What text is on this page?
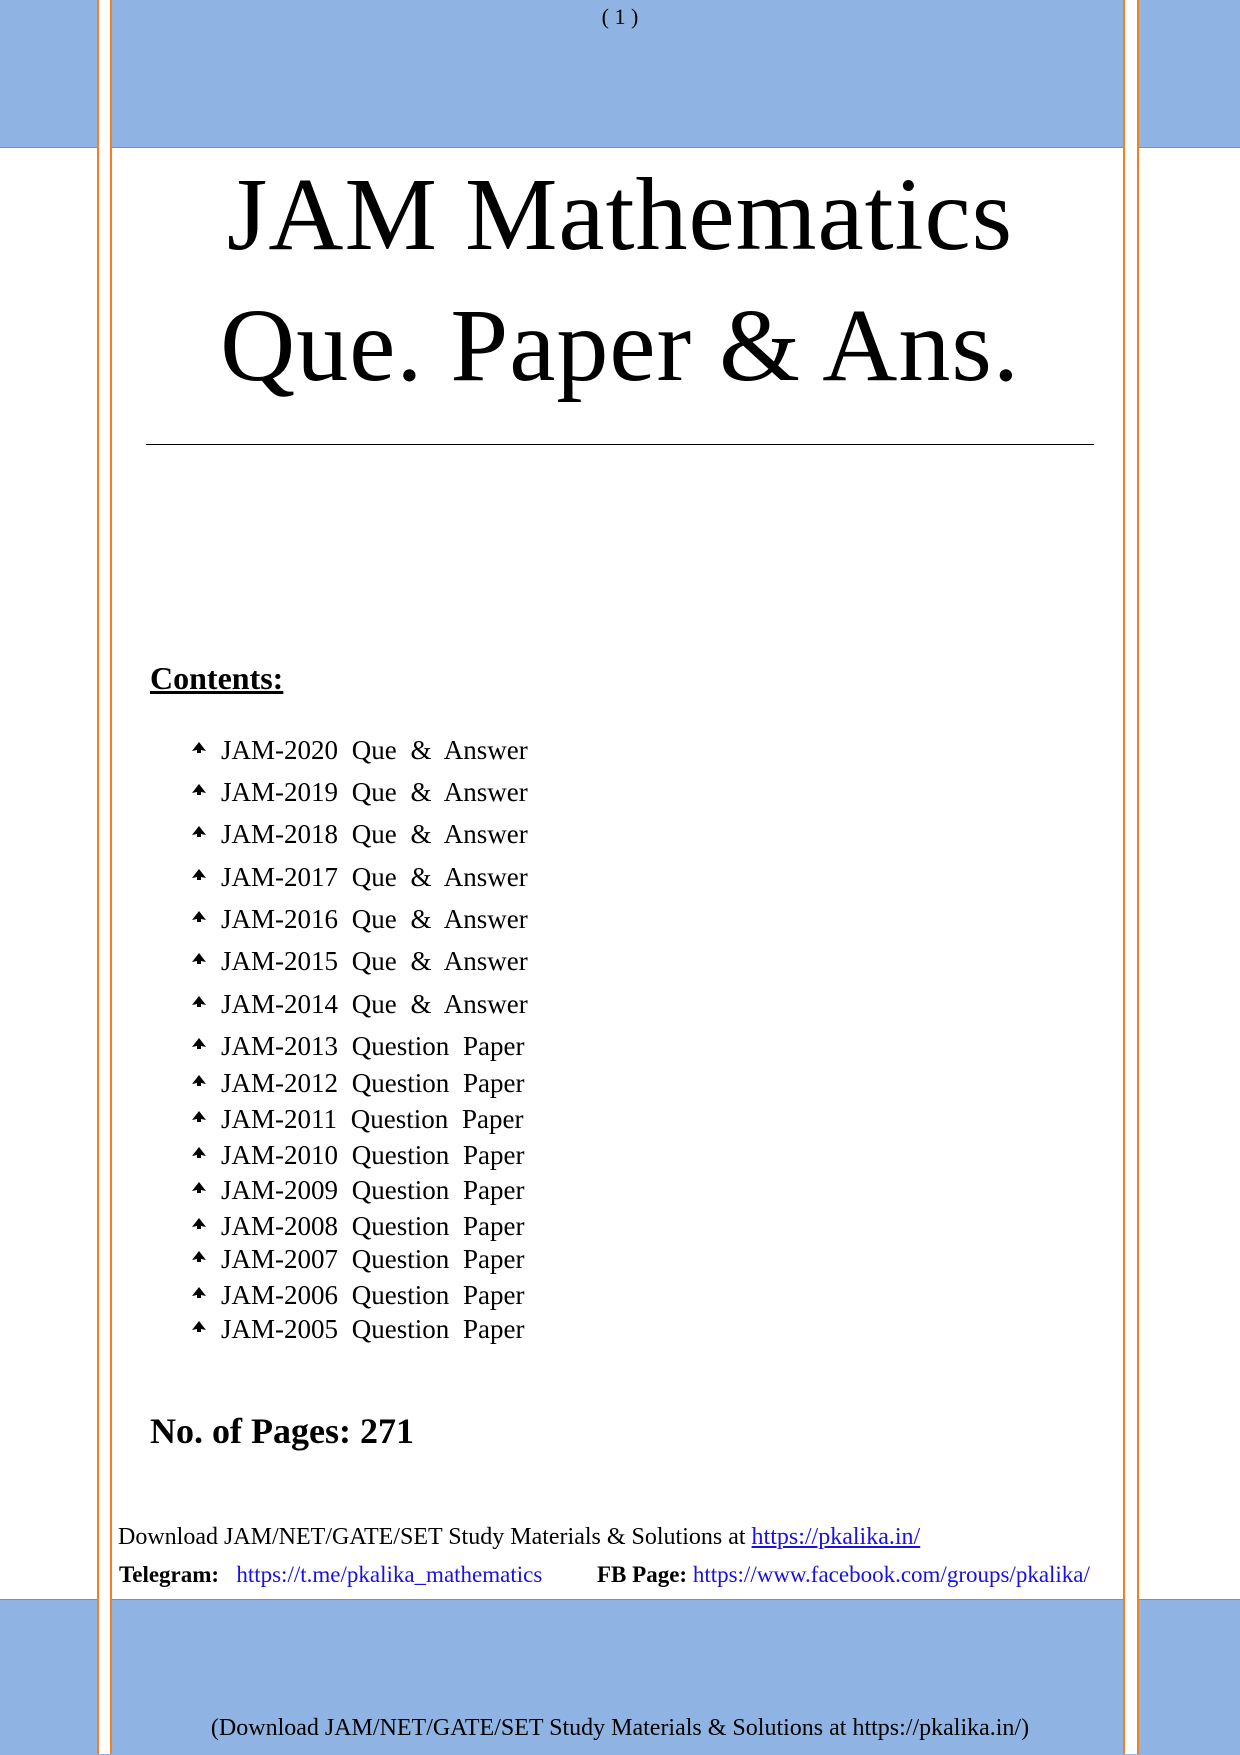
( 1 )
JAM Mathematics
Que. Paper & Ans.
Contents:
JAM-2020 Que & Answer
JAM-2019 Que & Answer
JAM-2018 Que & Answer
JAM-2017 Que & Answer
JAM-2016 Que & Answer
JAM-2015 Que & Answer
JAM-2014 Que & Answer
JAM-2013 Question Paper
JAM-2012 Question Paper
JAM-2011 Question Paper
JAM-2010 Question Paper
JAM-2009 Question Paper
JAM-2008 Question Paper
JAM-2007 Question Paper
JAM-2006 Question Paper
JAM-2005 Question Paper
No. of Pages: 271
Download JAM/NET/GATE/SET Study Materials & Solutions at https://pkalika.in/
Telegram: https://t.me/pkalika_mathematics FB Page: https://www.facebook.com/groups/pkalika/
(Download JAM/NET/GATE/SET Study Materials & Solutions at https://pkalika.in/)
